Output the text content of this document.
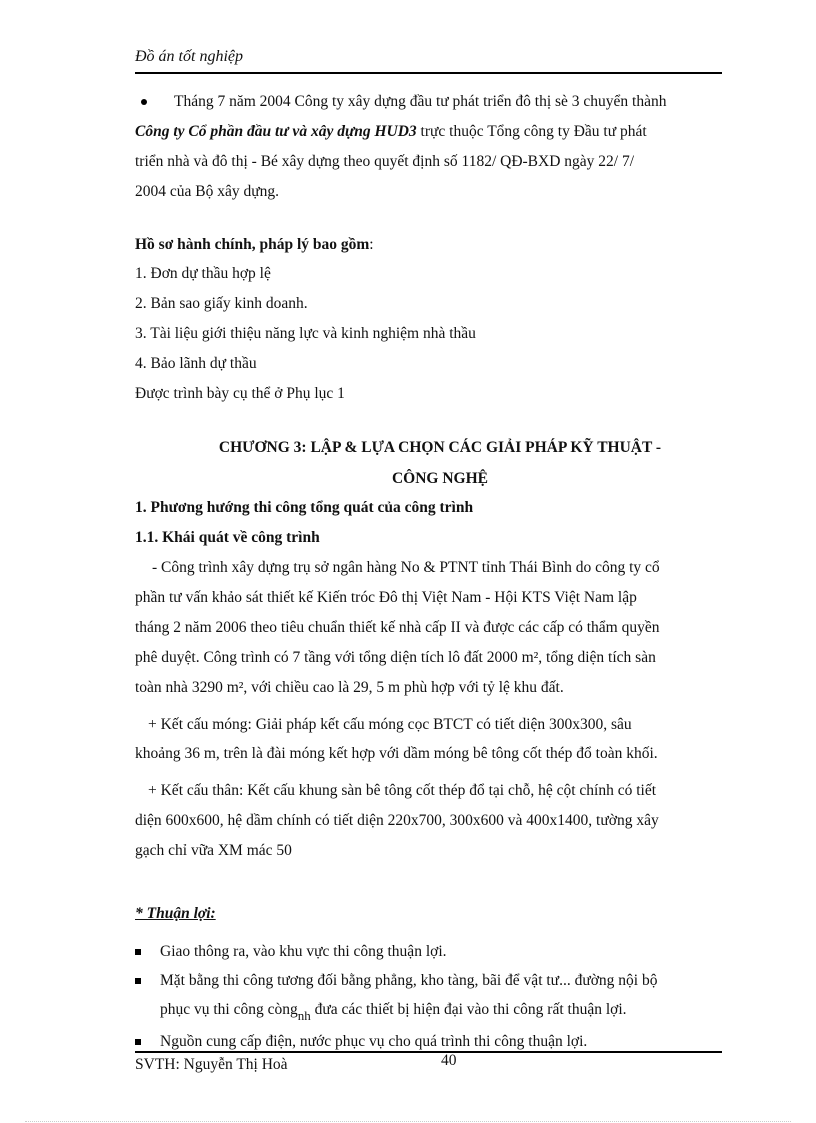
Đồ án tốt nghiệp
Tháng 7 năm 2004 Công ty xây dựng đầu tư phát triển đô thị sè 3 chuyển thành
Công ty Cổ phần đầu tư và xây dựng HUD3 trực thuộc Tổng công ty Đầu tư phát
triển nhà và đô thị - Bé xây dựng theo quyết định số 1182/ QĐ-BXD ngày 22/ 7/
2004 của Bộ xây dựng.
Hồ sơ hành chính, pháp lý bao gồm:
1. Đơn dự thầu hợp lệ
2. Bản sao giấy kinh doanh.
3. Tài liệu giới thiệu năng lực và kinh nghiệm nhà thầu
4. Bảo lãnh dự thầu
Được trình bày cụ thể ở Phụ lục 1
CHƯƠNG 3: LẬP & LỰA CHỌN CÁC GIẢI PHÁP KỸ THUẬT -
CÔNG NGHỆ
1. Phương hướng thi công tổng quát của công trình
1.1. Khái quát về công trình
- Công trình xây dựng trụ sở ngân hàng No & PTNT tỉnh Thái Bình do công ty cổ
phần tư vấn khảo sát thiết kế Kiến tróc Đô thị Việt Nam - Hội KTS Việt Nam lập
tháng 2 năm 2006 theo tiêu chuẩn thiết kế nhà cấp II và được các cấp có thẩm quyền
phê duyệt. Công trình có 7 tầng với tổng diện tích lô đất 2000 m², tổng diện tích sàn
toàn nhà 3290 m², với chiều cao là 29, 5 m phù hợp với tỷ lệ khu đất.
+ Kết cấu móng: Giải pháp kết cấu móng cọc BTCT có tiết diện 300x300, sâu
khoảng 36 m, trên là đài móng kết hợp với dầm móng bê tông cốt thép đổ toàn khối.
+ Kết cấu thân: Kết cấu khung sàn bê tông cốt thép đổ tại chỗ, hệ cột chính có tiết
diện 600x600, hệ dầm chính có tiết diện 220x700, 300x600 và 400x1400, tường xây
gạch chỉ vữa XM mác 50
* Thuận lợi:
Giao thông ra, vào khu vực thi công thuận lợi.
Mặt bằng thi công tương đối bằng phẳng, kho tàng, bãi để vật tư... đường nội bộ
phục vụ thi công còng$_{nh}$ đưa các thiết bị hiện đại vào thi công rất thuận lợi.
Nguồn cung cấp điện, nước phục vụ cho quá trình thi công thuận lợi.
40
SVTH: Nguyễn Thị Hoà
